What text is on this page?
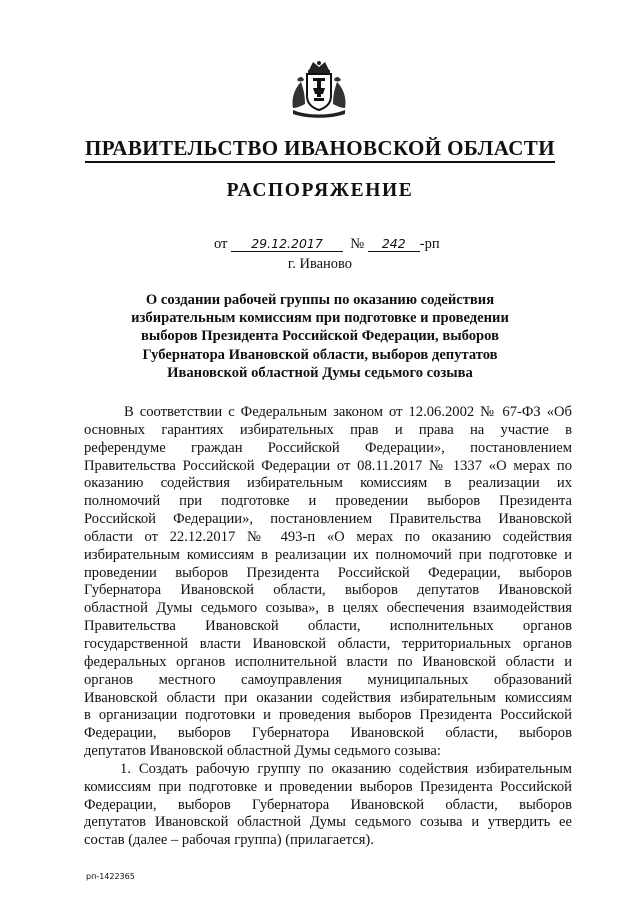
ПРАВИТЕЛЬСТВО ИВАНОВСКОЙ ОБЛАСТИ
РАСПОРЯЖЕНИЕ
от 29.12.2017 № 242 -рп
г. Иваново
О создании рабочей группы по оказанию содействия
избирательным комиссиям при подготовке и проведении
выборов Президента Российской Федерации, выборов
Губернатора Ивановской области, выборов депутатов
Ивановской областной Думы седьмого созыва
В соответствии с Федеральным законом от 12.06.2002 № 67-ФЗ «Об
основных гарантиях избирательных прав и права на участие в
референдуме граждан Российской Федерации», постановлением
Правительства Российской Федерации от 08.11.2017 № 1337 «О мерах по
оказанию содействия избирательным комиссиям в реализации их
полномочий при подготовке и проведении выборов Президента
Российской Федерации», постановлением Правительства Ивановской
области от 22.12.2017 № 493-п «О мерах по оказанию содействия
избирательным комиссиям в реализации их полномочий при подготовке и
проведении выборов Президента Российской Федерации, выборов
Губернатора Ивановской области, выборов депутатов Ивановской
областной Думы седьмого созыва», в целях обеспечения взаимодействия
Правительства Ивановской области, исполнительных органов
государственной власти Ивановской области, территориальных органов
федеральных органов исполнительной власти по Ивановской области и
органов местного самоуправления муниципальных образований
Ивановской области при оказании содействия избирательным комиссиям
в организации подготовки и проведения выборов Президента Российской
Федерации, выборов Губернатора Ивановской области, выборов
депутатов Ивановской областной Думы седьмого созыва:
1. Создать рабочую группу по оказанию содействия избирательным
комиссиям при подготовке и проведении выборов Президента Российской
Федерации, выборов Губернатора Ивановской области, выборов
депутатов Ивановской областной Думы седьмого созыва и утвердить ее
состав (далее – рабочая группа) (прилагается).
рп-1422365
